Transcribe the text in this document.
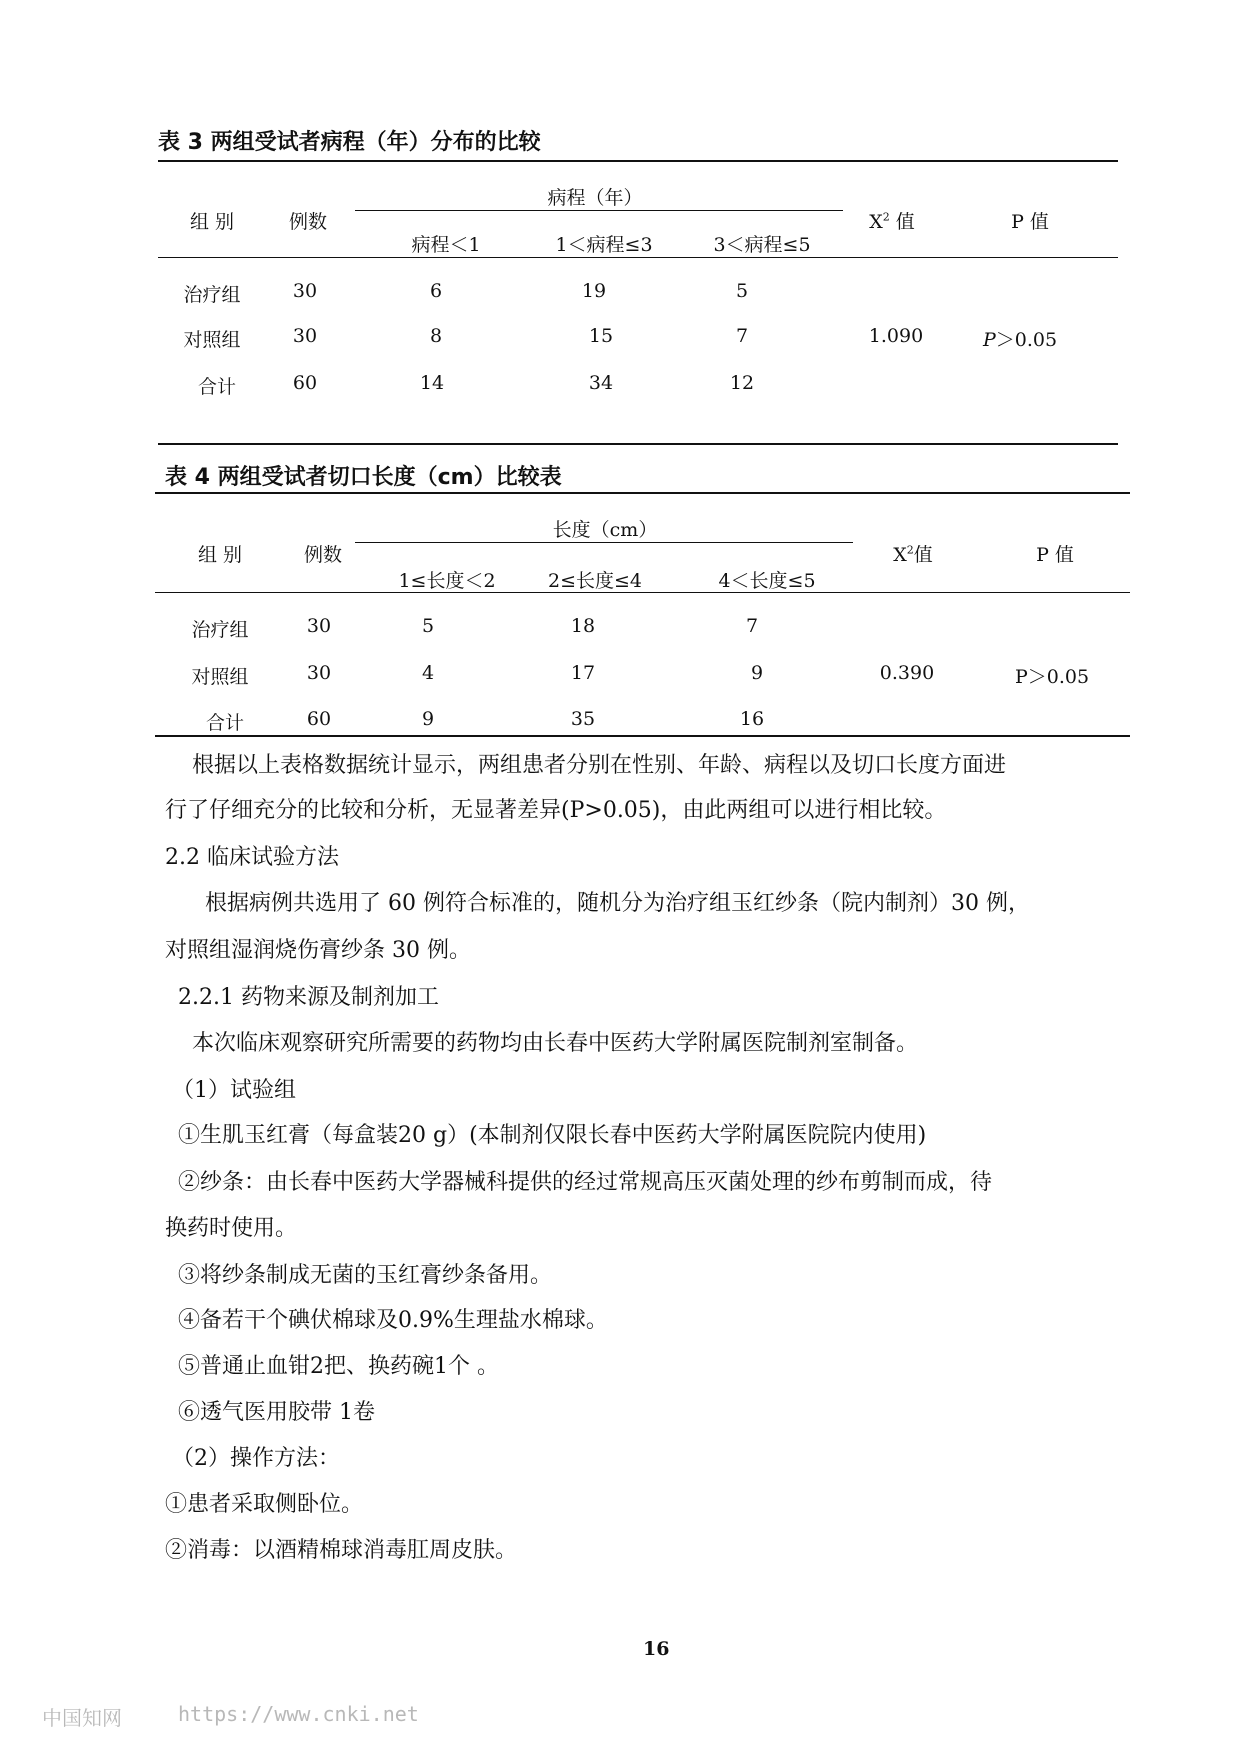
表 3 两组受试者病程（年）分布的比较
组 别	例数
病程（年）
病程＜1	1＜病程≤3	3＜病程≤5
$X^2$ 值	P 值
治疗组	30	6	19	5
对照组	30	8	15	7	1.090	P＞0.05
合计	60	14	34	12
表 4 两组受试者切口长度（cm）比较表
组 别	例数
长度（cm）
1≤长度＜2	2≤长度≤4	4＜长度≤5
$X^2$值	P 值
治疗组	30	5	18	7
对照组	30	4	17	9	0.390	P＞0.05
合计	60	9	35	16
根据以上表格数据统计显示，两组患者分别在性别、年龄、病程以及切口长度方面进
行了仔细充分的比较和分析，无显著差异(P>0.05)，由此两组可以进行相比较。
2.2 临床试验方法
根据病例共选用了 60 例符合标准的，随机分为治疗组玉红纱条（院内制剂）30 例，
对照组湿润烧伤膏纱条 30 例。
2.2.1 药物来源及制剂加工
本次临床观察研究所需要的药物均由长春中医药大学附属医院制剂室制备。
（1）试验组
①生肌玉红膏（每盒装20 g）(本制剂仅限长春中医药大学附属医院院内使用)
②纱条：由长春中医药大学器械科提供的经过常规高压灭菌处理的纱布剪制而成，待
换药时使用。
③将纱条制成无菌的玉红膏纱条备用。
④备若干个碘伏棉球及0.9%生理盐水棉球。
⑤普通止血钳2把、换药碗1个 。
⑥透气医用胶带 1卷
（2）操作方法：
①患者采取侧卧位。
②消毒：以酒精棉球消毒肛周皮肤。
16
中国知网	https://www.cnki.net
